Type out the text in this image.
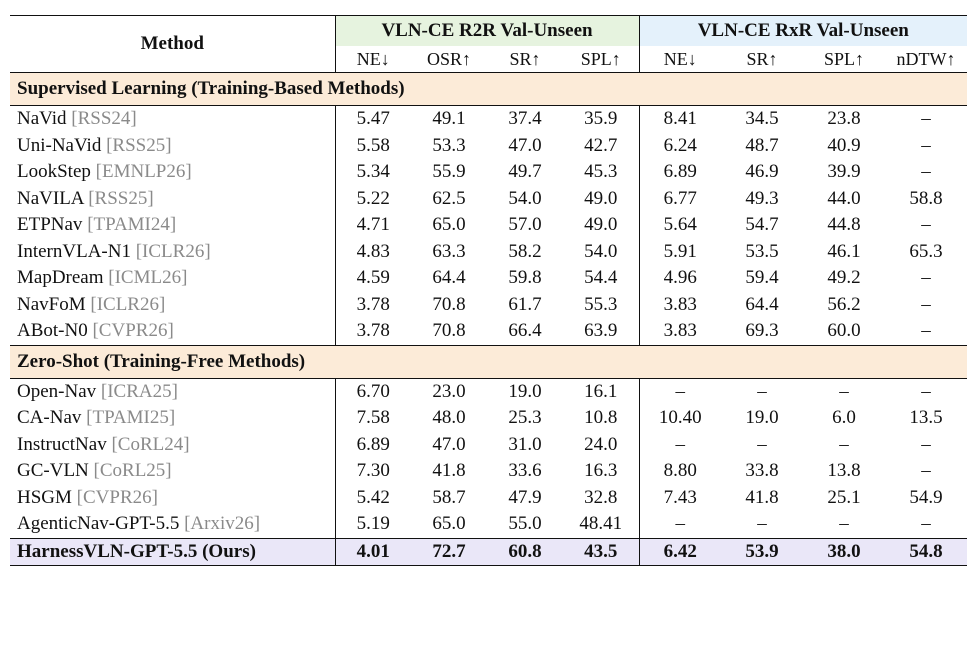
Method	VLN-CE R2R Val-Unseen				VLN-CE RxR Val-Unseen			
	NE↓	OSR↑	SR↑	SPL↑	NE↓	SR↑	SPL↑	nDTW↑
Supervised Learning (Training-Based Methods)								
NaVid [RSS24]	5.47	49.1	37.4	35.9	8.41	34.5	23.8	–
Uni-NaVid [RSS25]	5.58	53.3	47.0	42.7	6.24	48.7	40.9	–
LookStep [EMNLP26]	5.34	55.9	49.7	45.3	6.89	46.9	39.9	–
NaVILA [RSS25]	5.22	62.5	54.0	49.0	6.77	49.3	44.0	58.8
ETPNav [TPAMI24]	4.71	65.0	57.0	49.0	5.64	54.7	44.8	–
InternVLA-N1 [ICLR26]	4.83	63.3	58.2	54.0	5.91	53.5	46.1	65.3
MapDream [ICML26]	4.59	64.4	59.8	54.4	4.96	59.4	49.2	–
NavFoM [ICLR26]	3.78	70.8	61.7	55.3	3.83	64.4	56.2	–
ABot-N0 [CVPR26]	3.78	70.8	66.4	63.9	3.83	69.3	60.0	–
Zero-Shot (Training-Free Methods)								
Open-Nav [ICRA25]	6.70	23.0	19.0	16.1	–	–	–	–
CA-Nav [TPAMI25]	7.58	48.0	25.3	10.8	10.40	19.0	6.0	13.5
InstructNav [CoRL24]	6.89	47.0	31.0	24.0	–	–	–	–
GC-VLN [CoRL25]	7.30	41.8	33.6	16.3	8.80	33.8	13.8	–
HSGM [CVPR26]	5.42	58.7	47.9	32.8	7.43	41.8	25.1	54.9
AgenticNav-GPT-5.5 [Arxiv26]	5.19	65.0	55.0	48.41	–	–	–	–
HarnessVLN-GPT-5.5 (Ours)	4.01	72.7	60.8	43.5	6.42	53.9	38.0	54.8
